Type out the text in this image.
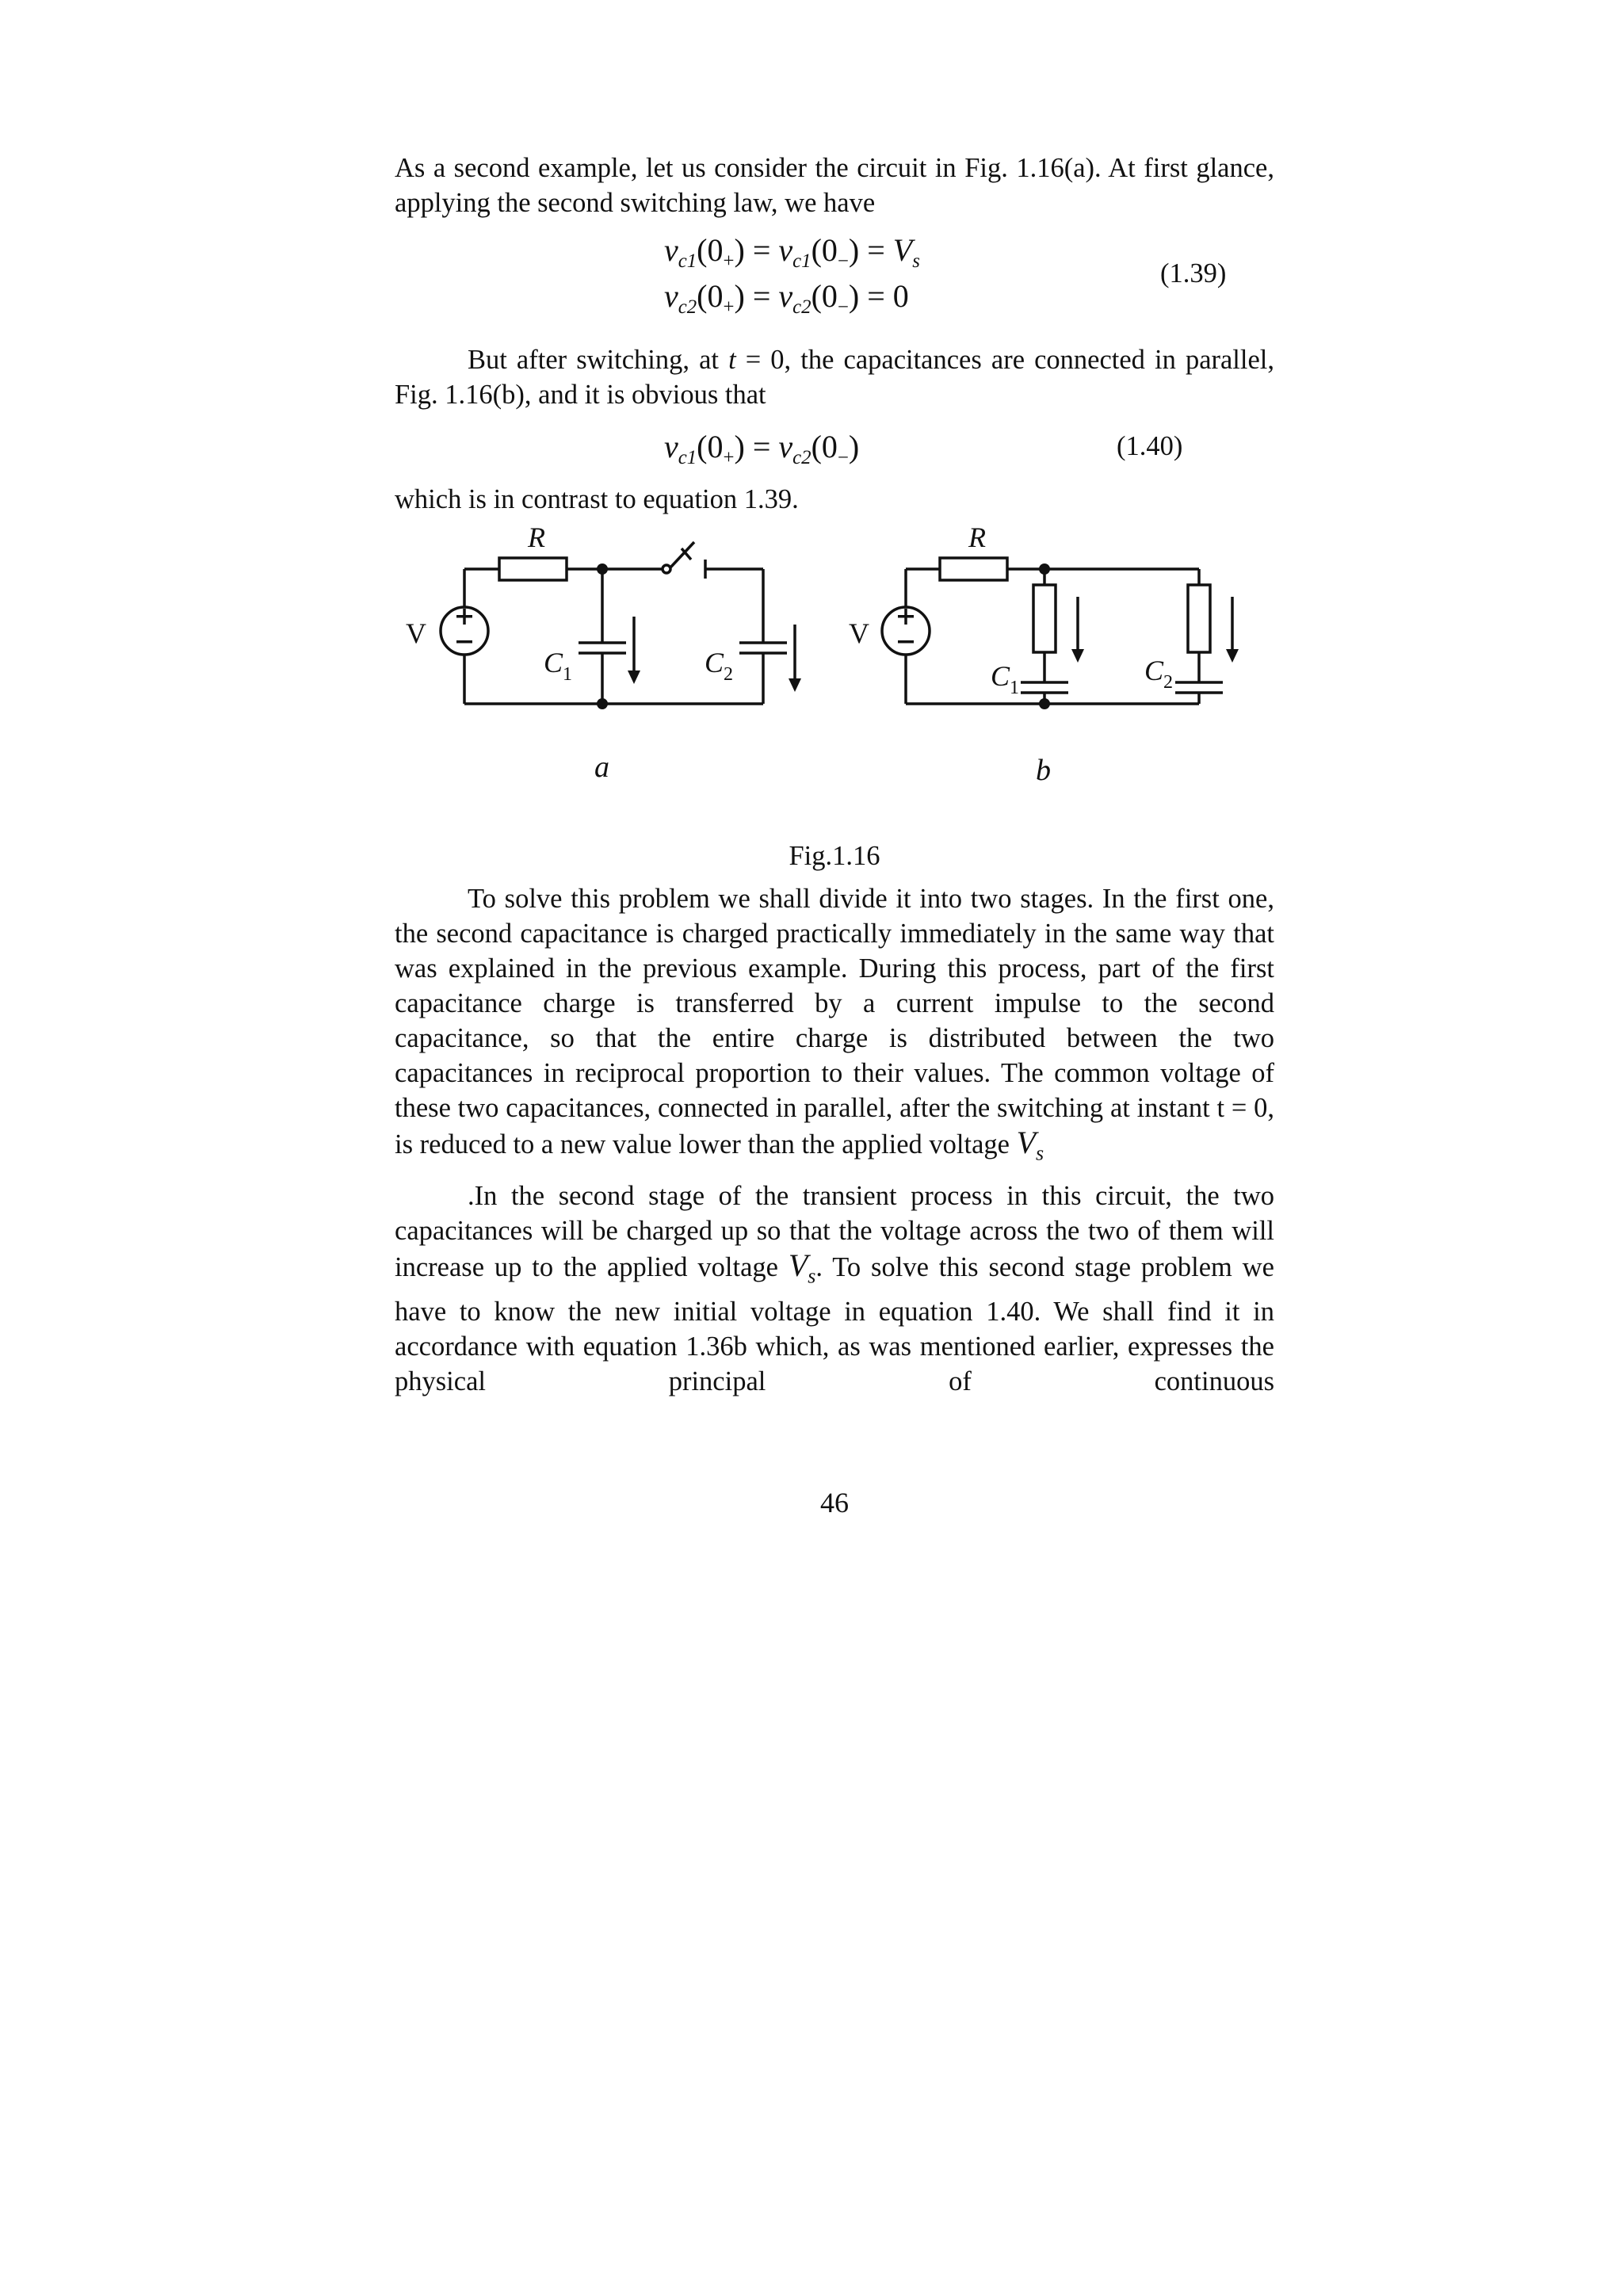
As a second example, let us consider the circuit in Fig. 1.16(a). At first glance, applying the second switching law, we have

$v_{c1}(0_+) = v_{c1}(0_-) = V_s$
$v_{c2}(0_+) = v_{c2}(0_-) = 0$
(1.39)

But after switching, at t = 0, the capacitances are connected in parallel, Fig. 1.16(b), and it is obvious that

$v_{c1}(0_+) = v_{c2}(0_-)$	(1.40)

which is in contrast to equation 1.39.

R
V
C 1	C 2
a
R
V
C 1
C 2
b
Fig.1.16

To solve this problem we shall divide it into two stages. In the first one, the second capacitance is charged practically immediately in the same way that was explained in the previous example. During this process, part of the first capacitance charge is transferred by a current impulse to the second capacitance, so that the entire charge is distributed between the two capacitances in reciprocal proportion to their values. The common voltage of these two capacitances, connected in parallel, after the switching at instant t = 0, is reduced to a new value lower than the applied voltage $V_s$

.In the second stage of the transient process in this circuit, the two capacitances will be charged up so that the voltage across the two of them will increase up to the applied voltage $V_s$. To solve this second stage problem we have to know the new initial voltage in equation 1.40. We shall find it in accordance with equation 1.36b which, as was mentioned earlier, expresses the physical principal of continuous

46
